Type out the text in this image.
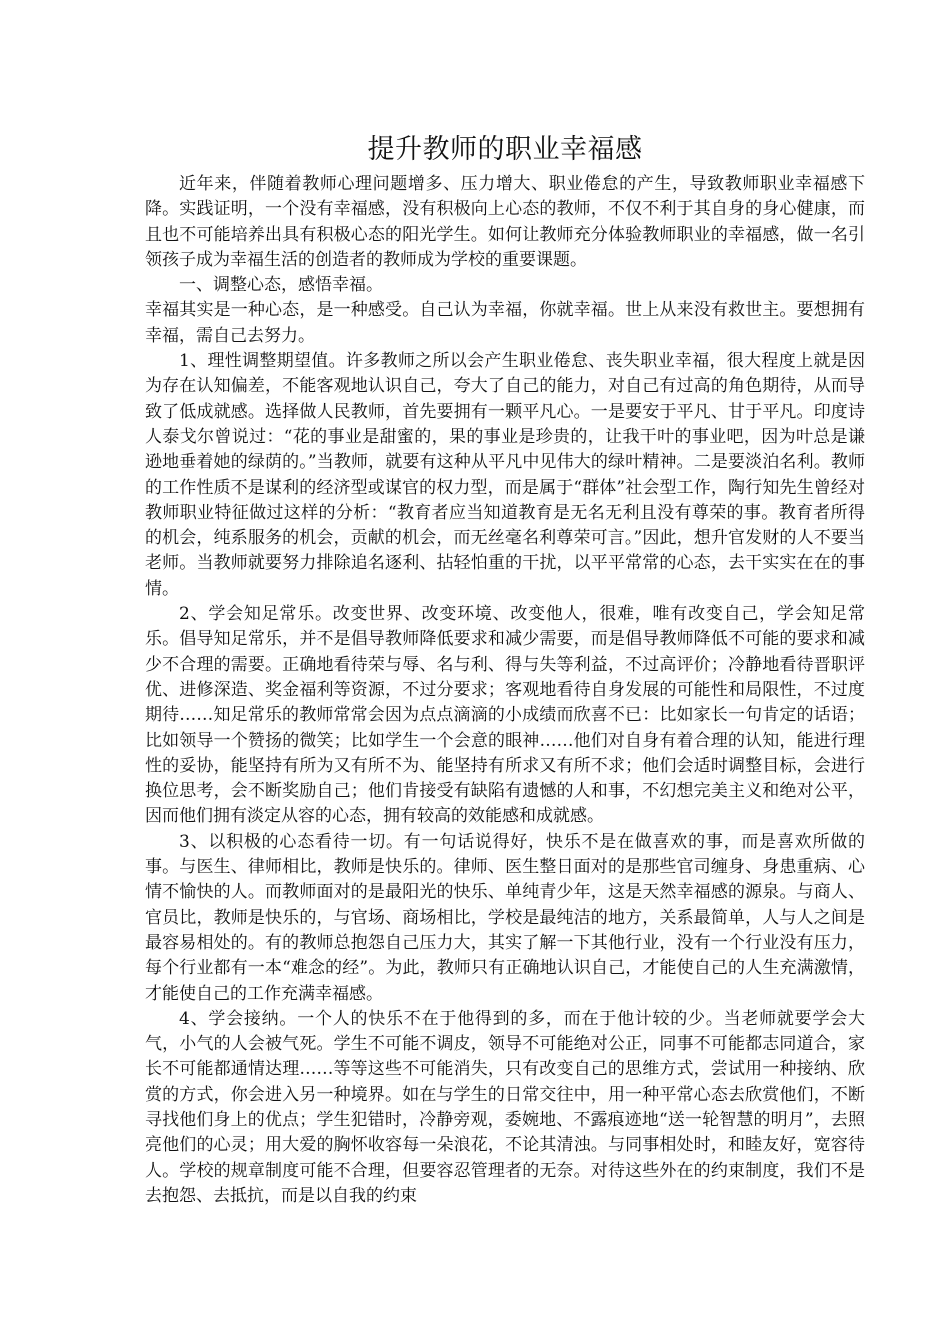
提升教师的职业幸福感

近年来，伴随着教师心理问题增多、压力增大、职业倦怠的产生，导致教师职业幸福感下降。实践证明，一个没有幸福感，没有积极向上心态的教师，不仅不利于其自身的身心健康，而且也不可能培养出具有积极心态的阳光学生。如何让教师充分体验教师职业的幸福感，做一名引领孩子成为幸福生活的创造者的教师成为学校的重要课题。

一、调整心态，感悟幸福。

幸福其实是一种心态，是一种感受。自己认为幸福，你就幸福。世上从来没有救世主。要想拥有幸福，需自己去努力。

1、理性调整期望值。许多教师之所以会产生职业倦怠、丧失职业幸福，很大程度上就是因为存在认知偏差，不能客观地认识自己，夸大了自己的能力，对自己有过高的角色期待，从而导致了低成就感。选择做人民教师，首先要拥有一颗平凡心。一是要安于平凡、甘于平凡。印度诗人泰戈尔曾说过：“花的事业是甜蜜的，果的事业是珍贵的，让我干叶的事业吧，因为叶总是谦逊地垂着她的绿荫的。”当教师，就要有这种从平凡中见伟大的绿叶精神。二是要淡泊名利。教师的工作性质不是谋利的经济型或谋官的权力型，而是属于“群体”社会型工作，陶行知先生曾经对教师职业特征做过这样的分析：“教育者应当知道教育是无名无利且没有尊荣的事。教育者所得的机会，纯系服务的机会，贡献的机会，而无丝毫名利尊荣可言。”因此，想升官发财的人不要当老师。当教师就要努力排除追名逐利、拈轻怕重的干扰，以平平常常的心态，去干实实在在的事情。

2、学会知足常乐。改变世界、改变环境、改变他人，很难，唯有改变自己，学会知足常乐。倡导知足常乐，并不是倡导教师降低要求和减少需要，而是倡导教师降低不可能的要求和减少不合理的需要。正确地看待荣与辱、名与利、得与失等利益，不过高评价；冷静地看待晋职评优、进修深造、奖金福利等资源，不过分要求；客观地看待自身发展的可能性和局限性，不过度期待……知足常乐的教师常常会因为点点滴滴的小成绩而欣喜不已：比如家长一句肯定的话语；比如领导一个赞扬的微笑；比如学生一个会意的眼神……他们对自身有着合理的认知，能进行理性的妥协，能坚持有所为又有所不为、能坚持有所求又有所不求；他们会适时调整目标，会进行换位思考，会不断奖励自己；他们肯接受有缺陷有遗憾的人和事，不幻想完美主义和绝对公平，因而他们拥有淡定从容的心态，拥有较高的效能感和成就感。

3、以积极的心态看待一切。有一句话说得好，快乐不是在做喜欢的事，而是喜欢所做的事。与医生、律师相比，教师是快乐的。律师、医生整日面对的是那些官司缠身、身患重病、心情不愉快的人。而教师面对的是最阳光的快乐、单纯青少年，这是天然幸福感的源泉。与商人、官员比，教师是快乐的，与官场、商场相比，学校是最纯洁的地方，关系最简单，人与人之间是最容易相处的。有的教师总抱怨自己压力大，其实了解一下其他行业，没有一个行业没有压力，每个行业都有一本“难念的经”。为此，教师只有正确地认识自己，才能使自己的人生充满激情，才能使自己的工作充满幸福感。

4、学会接纳。一个人的快乐不在于他得到的多，而在于他计较的少。当老师就要学会大气，小气的人会被气死。学生不可能不调皮，领导不可能绝对公正，同事不可能都志同道合，家长不可能都通情达理……等等这些不可能消失，只有改变自己的思维方式，尝试用一种接纳、欣赏的方式，你会进入另一种境界。如在与学生的日常交往中，用一种平常心态去欣赏他们，不断寻找他们身上的优点；学生犯错时，冷静旁观，委婉地、不露痕迹地“送一轮智慧的明月”，去照亮他们的心灵；用大爱的胸怀收容每一朵浪花，不论其清浊。与同事相处时，和睦友好，宽容待人。学校的规章制度可能不合理，但要容忍管理者的无奈。对待这些外在的约束制度，我们不是去抱怨、去抵抗，而是以自我的约束
